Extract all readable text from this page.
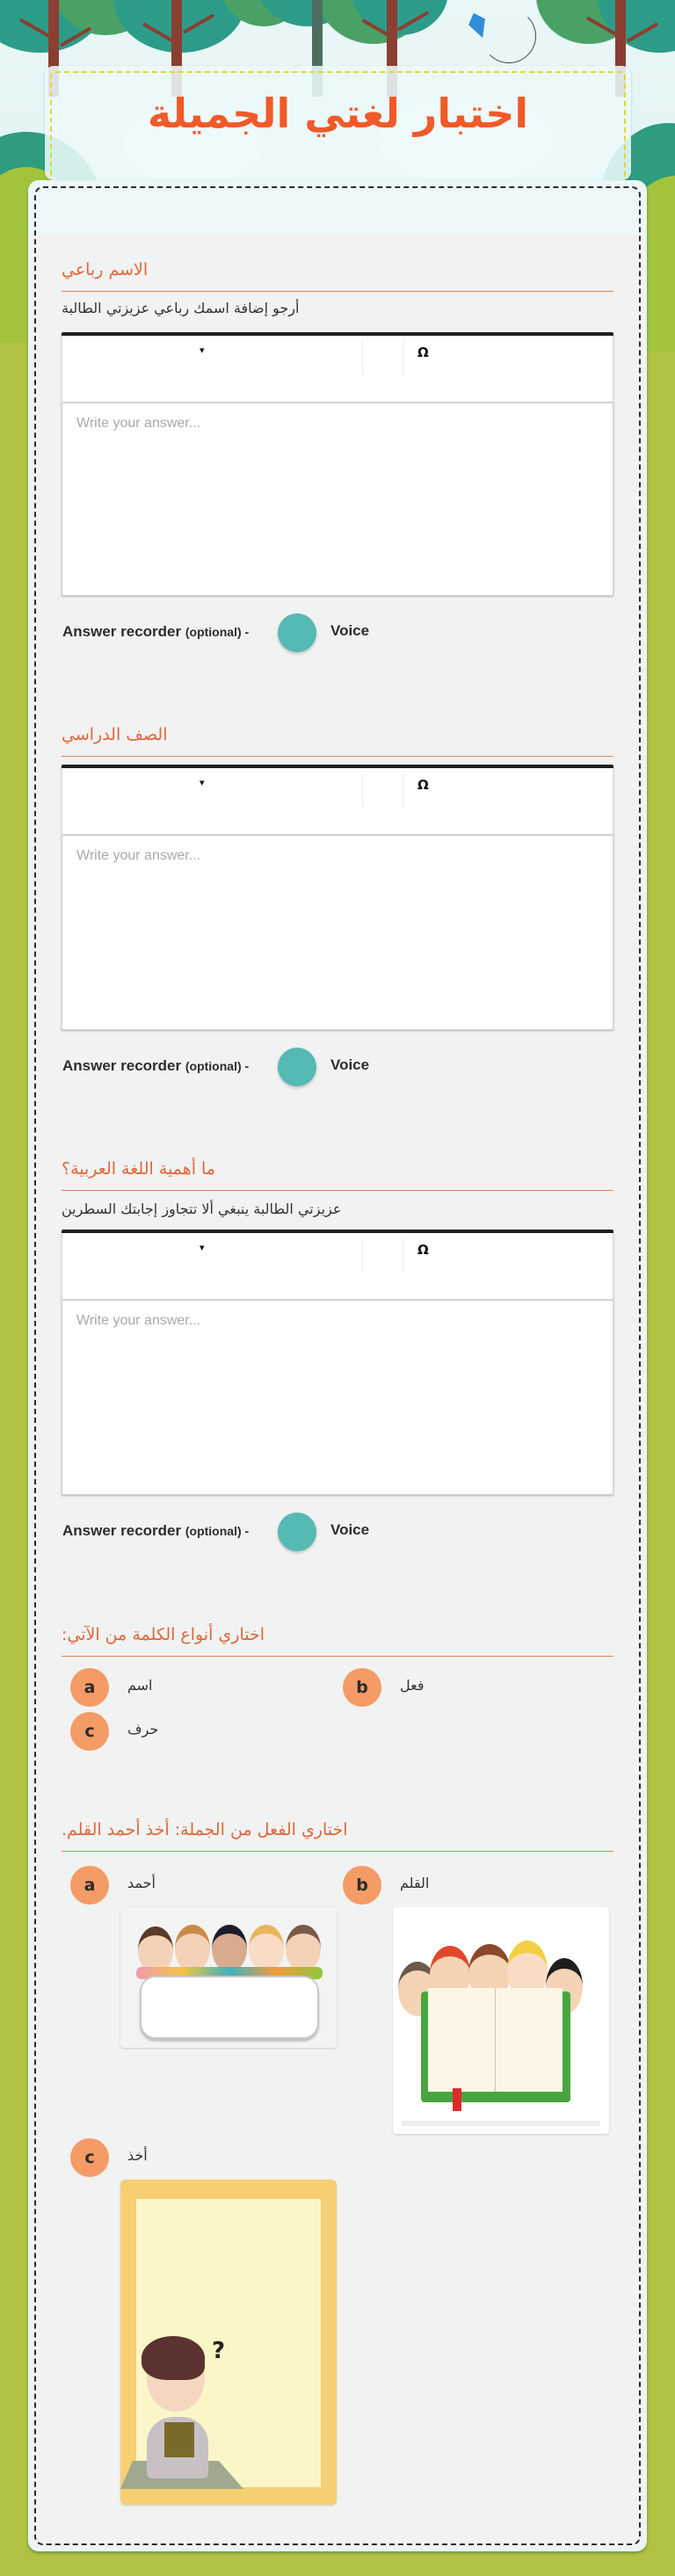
اختبار لغتي الجميلة
الاسم رباعي
أرجو إضافة اسمك رباعي عزيزتي الطالبة
▾	Ω
Write your answer...
Answer recorder (optional) -	Voice
الصف الدراسي
▾	Ω
Write your answer...
Answer recorder (optional) -	Voice
ما أهمية اللغة العربية؟
عزيزتي الطالبة ينبغي ألا تتجاوز إجابتك السطرين
▾	Ω
Write your answer...
Answer recorder (optional) -	Voice
اختاري أنواع الكلمة من الآتي:
a	اسم	b	فعل
c	حرف
اختاري الفعل من الجملة: أخذ أحمد القلم.
a	أحمد	b	القلم
c	أخذ
?
